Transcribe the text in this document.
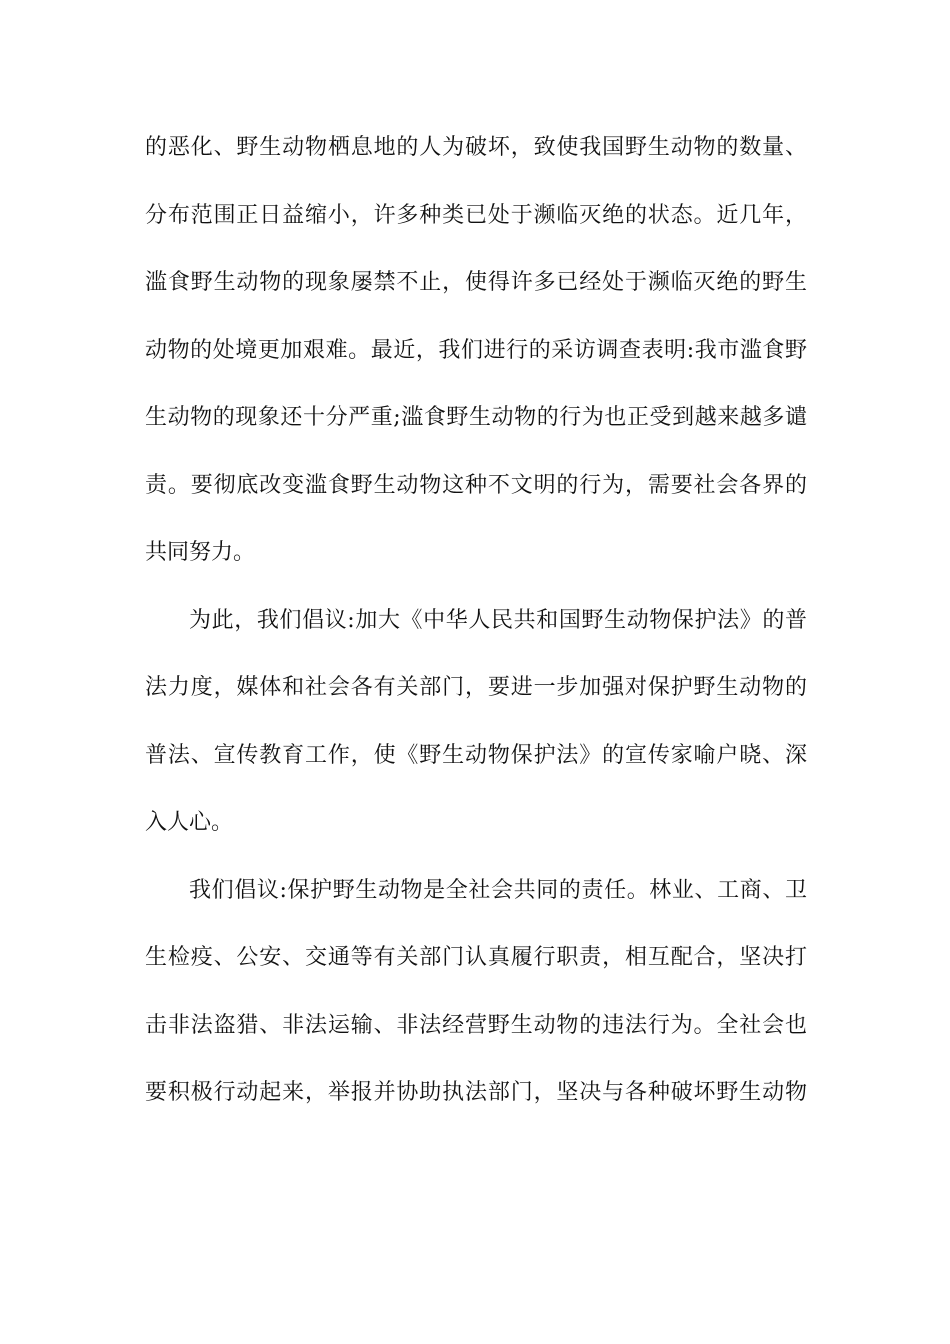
的恶化、野生动物栖息地的人为破坏，致使我国野生动物的数量、
分布范围正日益缩小，许多种类已处于濒临灭绝的状态。近几年，
滥食野生动物的现象屡禁不止，使得许多已经处于濒临灭绝的野生
动物的处境更加艰难。最近，我们进行的采访调查表明:我市滥食野
生动物的现象还十分严重;滥食野生动物的行为也正受到越来越多谴
责。要彻底改变滥食野生动物这种不文明的行为，需要社会各界的
共同努力。
为此，我们倡议:加大《中华人民共和国野生动物保护法》的普
法力度，媒体和社会各有关部门，要进一步加强对保护野生动物的
普法、宣传教育工作，使《野生动物保护法》的宣传家喻户晓、深
入人心。
我们倡议:保护野生动物是全社会共同的责任。林业、工商、卫
生检疫、公安、交通等有关部门认真履行职责，相互配合，坚决打
击非法盗猎、非法运输、非法经营野生动物的违法行为。全社会也
要积极行动起来，举报并协助执法部门，坚决与各种破坏野生动物
